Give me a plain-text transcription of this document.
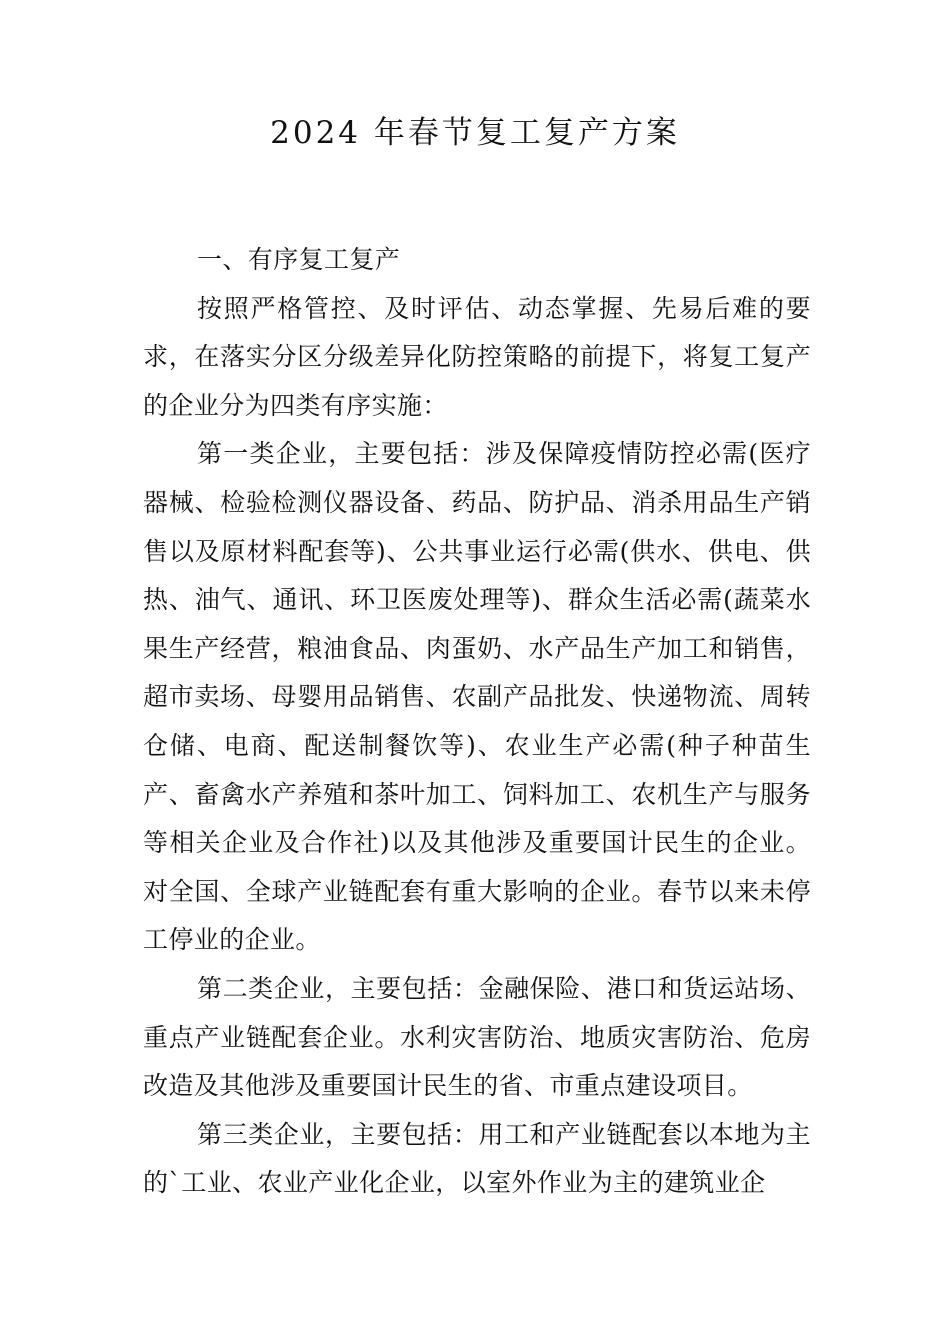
2024 年春节复工复产方案

一、有序复工复产

按照严格管控、及时评估、动态掌握、先易后难的要求，在落实分区分级差异化防控策略的前提下，将复工复产的企业分为四类有序实施：

第一类企业，主要包括：涉及保障疫情防控必需(医疗器械、检验检测仪器设备、药品、防护品、消杀用品生产销售以及原材料配套等)、公共事业运行必需(供水、供电、供热、油气、通讯、环卫医废处理等)、群众生活必需(蔬菜水果生产经营，粮油食品、肉蛋奶、水产品生产加工和销售，超市卖场、母婴用品销售、农副产品批发、快递物流、周转仓储、电商、配送制餐饮等)、农业生产必需(种子种苗生产、畜禽水产养殖和茶叶加工、饲料加工、农机生产与服务等相关企业及合作社)以及其他涉及重要国计民生的企业。对全国、全球产业链配套有重大影响的企业。春节以来未停工停业的企业。

第二类企业，主要包括：金融保险、港口和货运站场、重点产业链配套企业。水利灾害防治、地质灾害防治、危房改造及其他涉及重要国计民生的省、市重点建设项目。

第三类企业，主要包括：用工和产业链配套以本地为主的`工业、农业产业化企业，以室外作业为主的建筑业企
